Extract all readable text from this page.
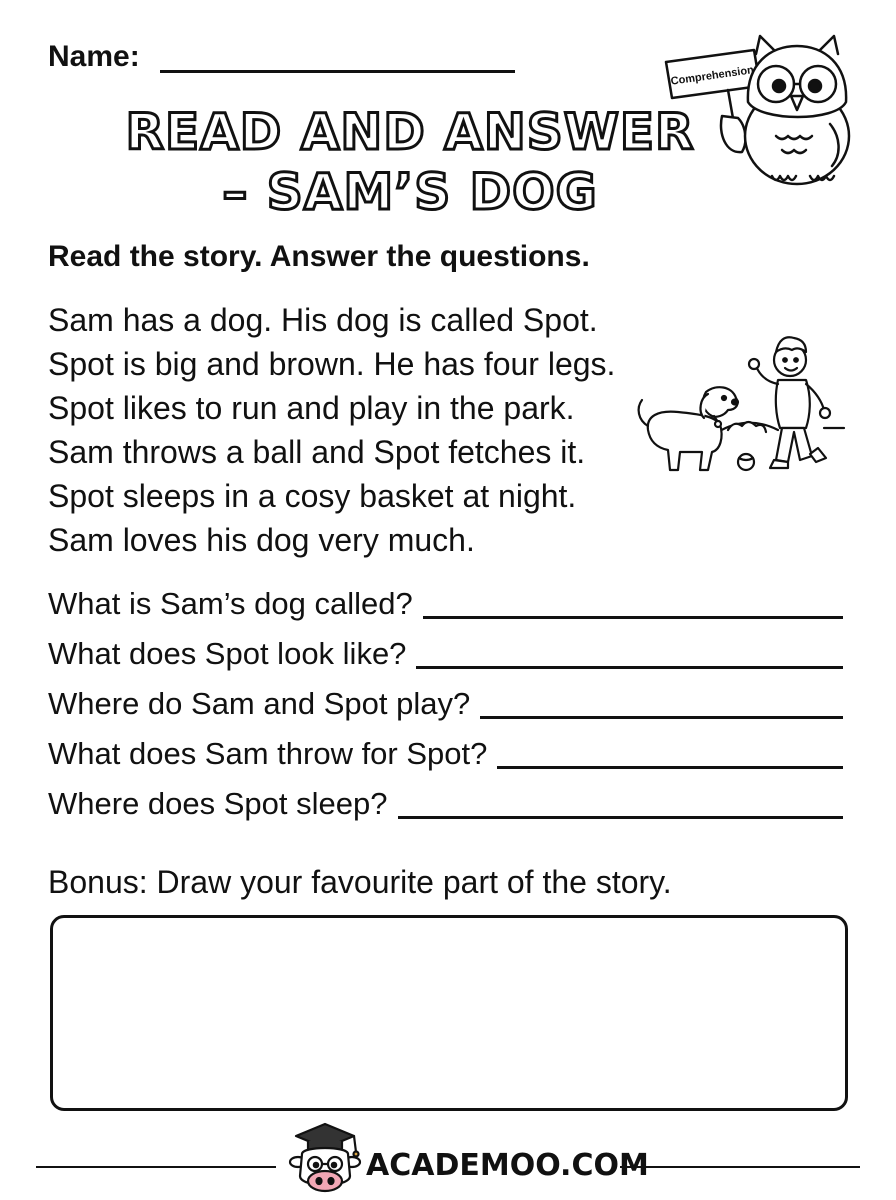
Name:
READ AND ANSWER
– SAM’S DOG
Comprehension
Read the story. Answer the questions.
Sam has a dog. His dog is called Spot.
Spot is big and brown. He has four legs.
Spot likes to run and play in the park.
Sam throws a ball and Spot fetches it.
Spot sleeps in a cosy basket at night.
Sam loves his dog very much.
What is Sam’s dog called?
What does Spot look like?
Where do Sam and Spot play?
What does Sam throw for Spot?
Where does Spot sleep?
Bonus: Draw your favourite part of the story.
ACADEMOO.COM
